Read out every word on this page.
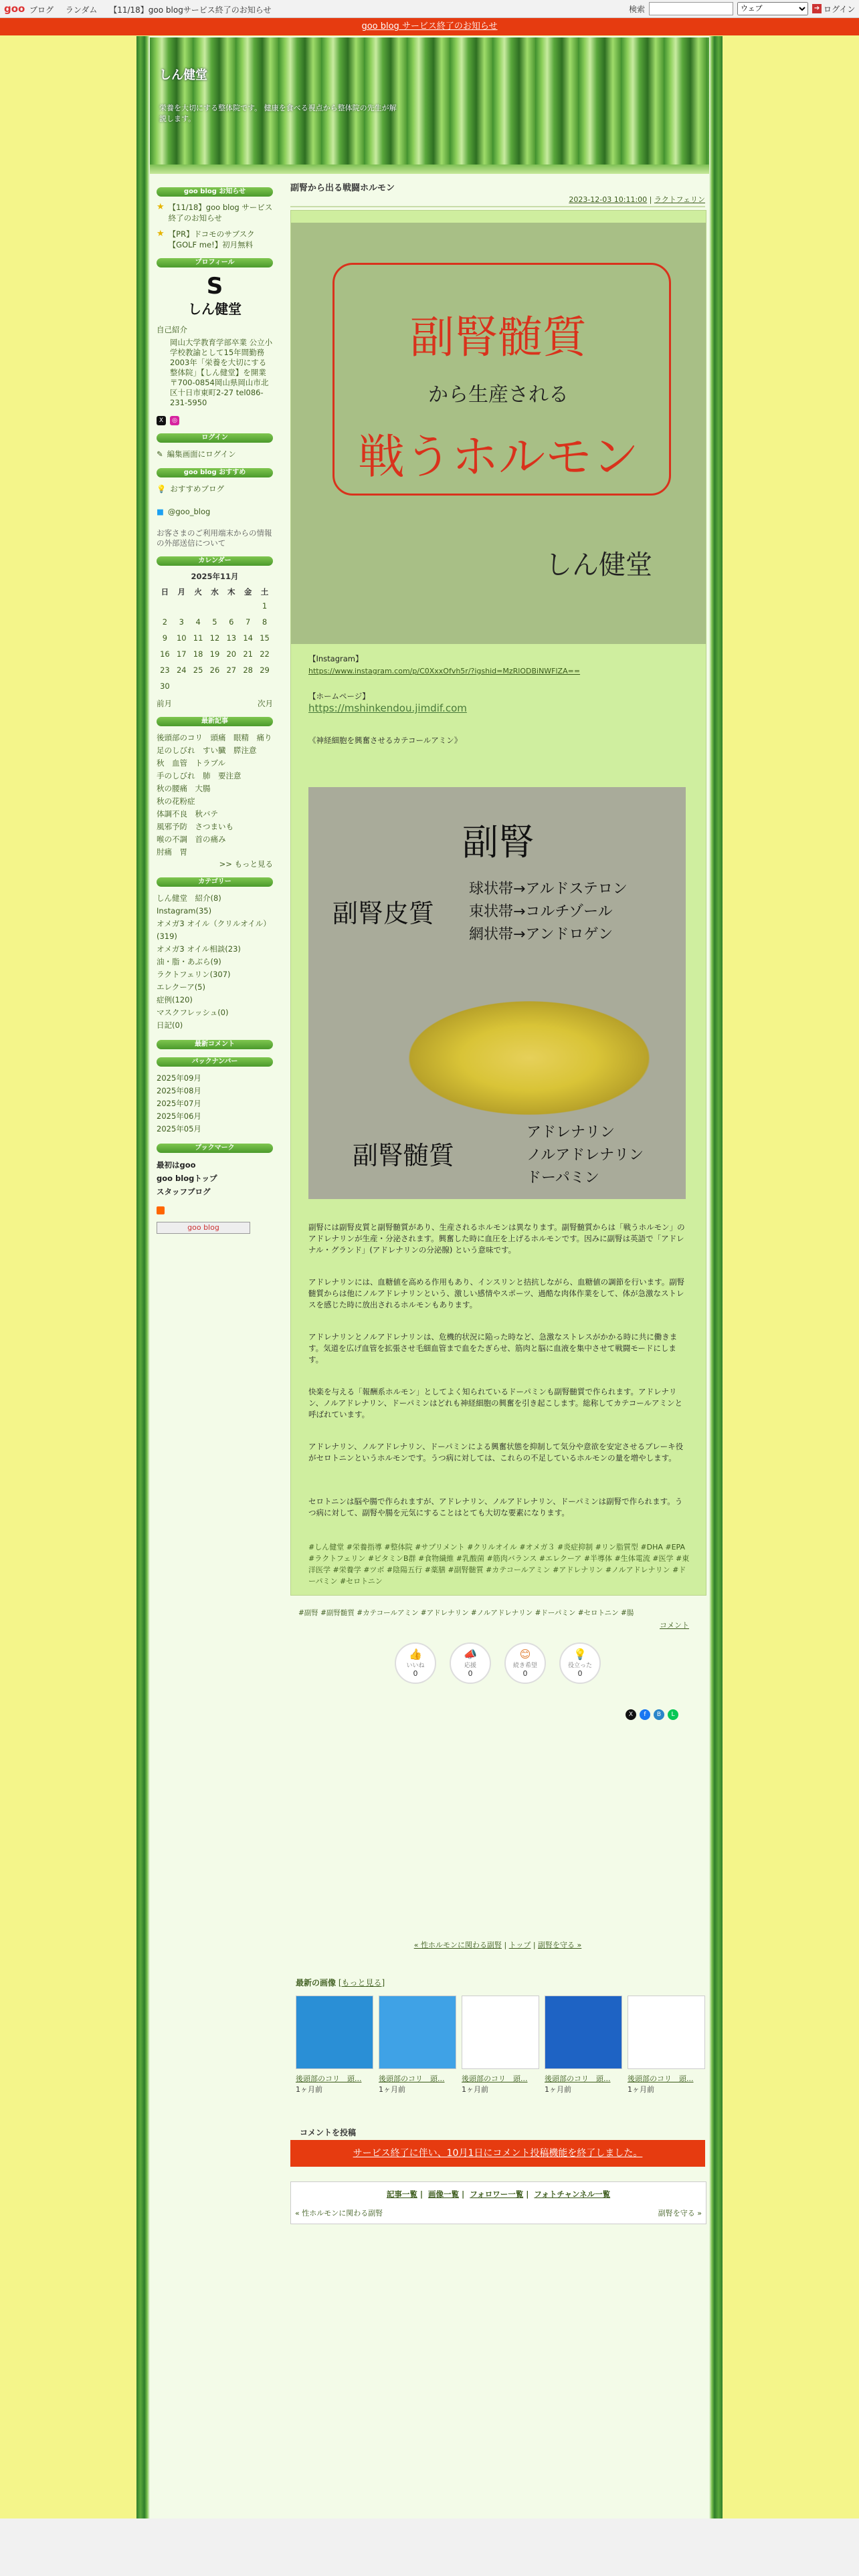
goo ブログ ランダム 【11/18】goo blogサービス終了のお知らせ	検索
ウェブ	➔ ログイン
goo blog サービス終了のお知らせ
しん健堂
栄養を大切にする整体院です。 健康を食べる視点から整体院の先生が解説します。
goo blog お知らせ
★ 【11/18】goo blog サービス終了のお知らせ
★ 【PR】ドコモのサブスク【GOLF me!】初月無料
プロフィール
S
しん健堂
自己紹介
岡山大学教育学部卒業 公立小学校教諭として15年間勤務2003年「栄養を大切にする整体院」【しん健堂】を開業 〒700-0854岡山県岡山市北区十日市東町2-27 tel086-231-5950
X	◎
ログイン
✎ 編集画面にログイン
goo blog おすすめ
💡 おすすめブログ
■ @goo_blog
お客さまのご利用端末からの情報の外部送信について
カレンダー
2025年11月
日	月	火	水	木	金	土
						1
2	3	4	5	6	7	8
9	10	11	12	13	14	15
16	17	18	19	20	21	22
23	24	25	26	27	28	29
30						
前月	次月
最新記事
後頭部のコリ　頭痛　眼精　痛り
足のしびれ　すい臓　膵注意
秋　血管　トラブル
手のしびれ　肺　要注意
秋の腰痛　大腸
秋の花粉症
体調不良　秋バテ
風邪予防　さつまいも
喉の不調　首の痛み
肘痛　胃
>> もっと見る
カテゴリー
しん健堂　紹介(8)
Instagram(35)
オメガ3 オイル（クリルオイル）(319)
オメガ3 オイル相談(23)
油・脂・あぶら(9)
ラクトフェリン(307)
エレクーア(5)
症例(120)
マスクフレッシュ(0)
日記(0)
最新コメント
バックナンバー
2025年09月
2025年08月
2025年07月
2025年06月
2025年05月
ブックマーク
最初はgoo
goo blogトップ
スタッフブログ
goo blog
副腎から出る戦闘ホルモン
2023-12-03 10:11:00 | ラクトフェリン
副腎髄質
から生産される
戦うホルモン
しん健堂
【Instagram】
https://www.instagram.com/p/C0XxxOfvh5r/?igshid=MzRlODBiNWFlZA==
【ホームページ】
https://mshinkendou.jimdif.com
《神経細胞を興奮させるカテコールアミン》
副腎
副腎皮質
球状帯→アルドステロン
束状帯→コルチゾール
網状帯→アンドロゲン
副腎髄質
アドレナリン
ノルアドレナリン
ドーパミン
副腎には副腎皮質と副腎髄質があり、生産されるホルモンは異なります。副腎髄質からは「戦うホルモン」のアドレナリンが生産・分泌されます。興奮した時に血圧を上げるホルモンです。因みに副腎は英語で「アドレナル・グランド」(アドレナリンの分泌腺) という意味です。
アドレナリンには、血糖値を高める作用もあり、インスリンと拮抗しながら、血糖値の調節を行います。副腎髄質からは他にノルアドレナリンという、激しい感情やスポーツ、過酷な肉体作業をして、体が急激なストレスを感じた時に放出されるホルモンもあります。
アドレナリンとノルアドレナリンは、危機的状況に陥った時など、急激なストレスがかかる時に共に働きます。気道を広げ血管を拡張させ毛細血管まで血をたぎらせ、筋肉と脳に血液を集中させて戦闘モードにします。
快楽を与える「報酬系ホルモン」としてよく知られているドーパミンも副腎髄質で作られます。アドレナリン、ノルアドレナリン、ドーパミンはどれも神経細胞の興奮を引き起こします。総称してカテコールアミンと呼ばれています。
アドレナリン、ノルアドレナリン、ドーパミンによる興奮状態を抑制して気分や意欲を安定させるブレーキ役がセロトニンというホルモンです。うつ病に対しては、これらの不足しているホルモンの量を増やします。
セロトニンは脳や腸で作られますが、アドレナリン、ノルアドレナリン、ドーパミンは副腎で作られます。うつ病に対して、副腎や腸を元気にすることはとても大切な要素になります。
#しん健堂 #栄養指導 #整体院 #サプリメント #クリルオイル #オメガ３ #炎症抑制 #リン脂質型 #DHA #EPA #ラクトフェリン #ビタミンB群 #食物繊維 #乳酸菌 #筋肉バランス #エレクーア #半導体 #生体電流 #医学 #東洋医学 #栄養学 #ツボ #陰陽五行 #薬膳 #副腎髄質 #カテコールアミン #アドレナリン #ノルアドレナリン #ドーパミン #セロトニン
#副腎 #副腎髄質 #カテコールアミン #アドレナリン #ノルアドレナリン #ドーパミン #セロトニン #腸
コメント
👍
いいね
0
📣
応援
0
😊
続き希望
0
💡
役立った
0
X	f	B	L
« 性ホルモンに関わる副腎 | トップ | 副腎を守る »
最新の画像 [もっと見る]
後頭部のコリ　頭...
1ヶ月前
後頭部のコリ　頭...
1ヶ月前
後頭部のコリ　頭...
1ヶ月前
後頭部のコリ　頭...
1ヶ月前
後頭部のコリ　頭...
1ヶ月前
コメントを投稿
サービス終了に伴い、10月1日にコメント投稿機能を終了しました。
記事一覧 | 画像一覧 | フォロワー一覧 | フォトチャンネル一覧
« 性ホルモンに関わる副腎	副腎を守る »
